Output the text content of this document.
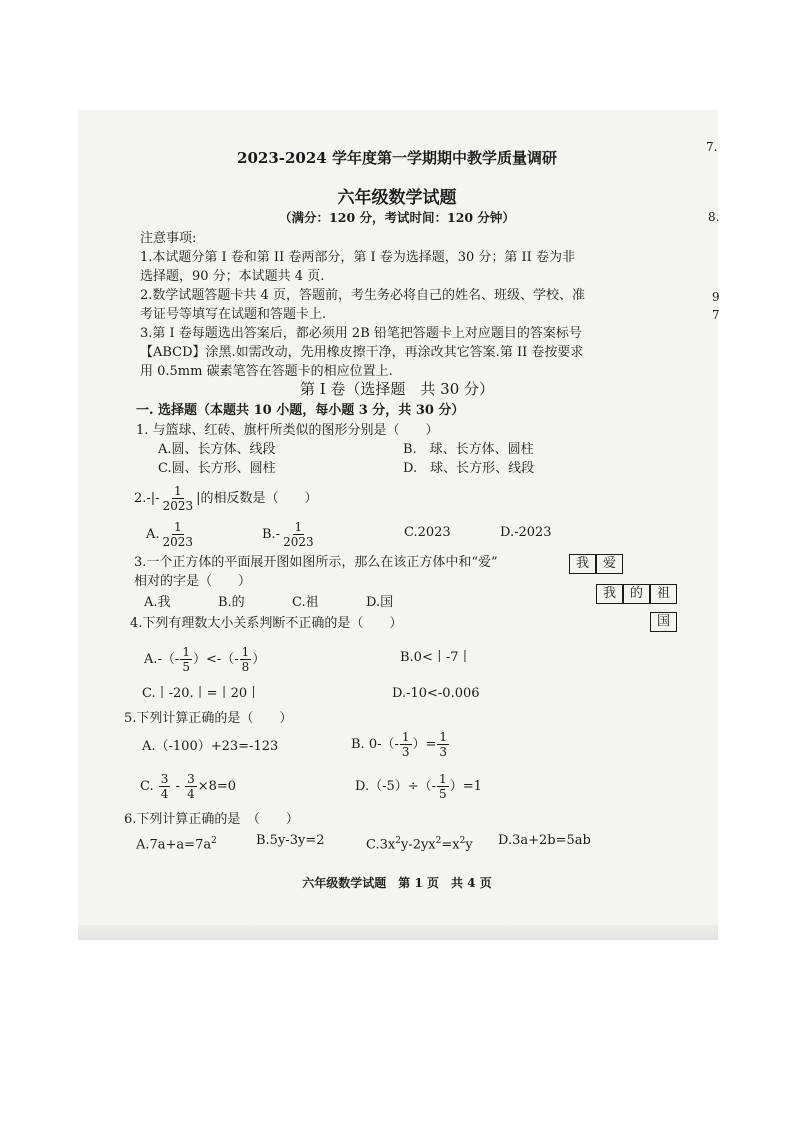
7.
8.
9
7
2023-2024 学年度第一学期期中教学质量调研
六年级数学试题
（满分：120 分，考试时间：120 分钟）
注意事项:
1.本试题分第 I 卷和第 II 卷两部分，第 I 卷为选择题，30 分；第 II 卷为非
选择题，90 分；本试题共 4 页.
2.数学试题答题卡共 4 页，答题前，考生务必将自己的姓名、班级、学校、准
考证号等填写在试题和答题卡上.
3.第 I 卷每题选出答案后，都必须用 2B 铅笔把答题卡上对应题目的答案标号
【ABCD】涂黑.如需改动，先用橡皮擦干净，再涂改其它答案.第 II 卷按要求
用 0.5mm 碳素笔答在答题卡的相应位置上.
第 I 卷（选择题　共 30 分）
一. 选择题（本题共 10 小题，每小题 3 分，共 30 分）
1. 与篮球、红砖、旗杆所类似的图形分别是（　　）
A.圆、长方体、线段	B.　球、长方体、圆柱
C.圆、长方形、圆柱	D.　球、长方形、线段
$2.-|- \frac{1}{2023}$ |的相反数是（　　）
A. $\frac{1}{2023}$	$B.- \frac{1}{2023}$	C.2023	D.-2023
3.一个正方体的平面展开图如图所示，那么在该正方体中和“爱”
相对的字是（　　）
A.我	B.的	C.祖	D.国
我	爱
我	的	祖
国
4.下列有理数大小关系判断不正确的是（　　）
$A.-(- \frac{1}{5}$ ）<-（- $\frac{1}{8}$ ）	B.0<丨-7丨
C.丨-20.丨=丨20丨	D.-10<-0.006
5.下列计算正确的是（　　）
A.（-100）+23=-123	B. $0-(- \frac{1}{3}$ ）= $\frac{1}{3}$
C. $\frac{3}{4} - \frac{3}{4} \times 8=0$	$D.(-5)\div(- \frac{1}{5} )=1$
6.下列计算正确的是　（　　）
$A.7a+a=7a^2$	B.5y-3y=2	$C.3x^2y-2yx^2=x^2y$ D.3a+2b=5ab
六年级数学试题　第 1 页　共 4 页
